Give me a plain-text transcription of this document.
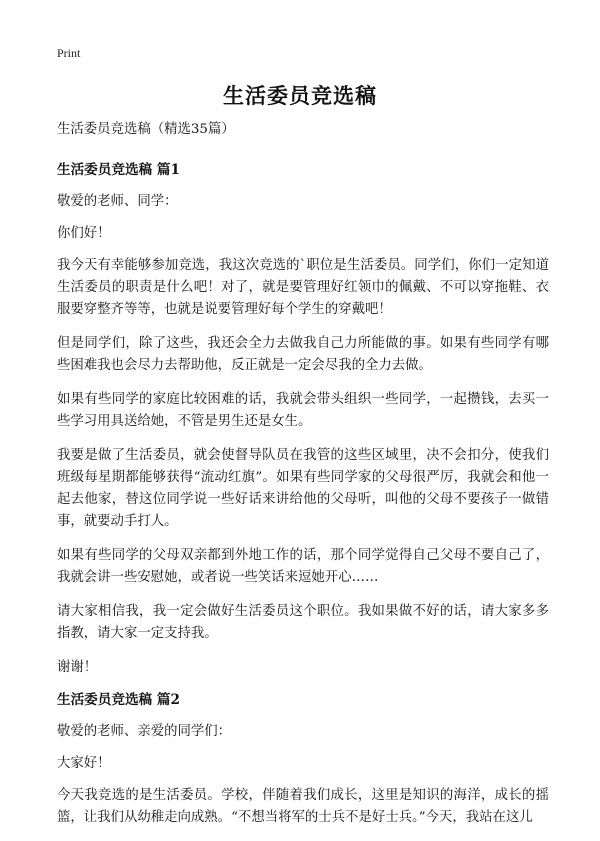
Print
生活委员竞选稿

生活委员竞选稿（精选35篇）

生活委员竞选稿 篇1

敬爱的老师、同学：

你们好！

我今天有幸能够参加竞选，我这次竞选的`职位是生活委员。同学们，你们一定知道生活委员的职责是什么吧！对了，就是要管理好红领巾的佩戴、不可以穿拖鞋、衣服要穿整齐等等，也就是说要管理好每个学生的穿戴吧！

但是同学们，除了这些，我还会全力去做我自己力所能做的事。如果有些同学有哪些困难我也会尽力去帮助他，反正就是一定会尽我的全力去做。

如果有些同学的家庭比较困难的话，我就会带头组织一些同学，一起攒钱，去买一些学习用具送给她，不管是男生还是女生。

我要是做了生活委员，就会使督导队员在我管的这些区域里，决不会扣分，使我们班级每星期都能够获得“流动红旗”。如果有些同学家的父母很严厉，我就会和他一起去他家，替这位同学说一些好话来讲给他的父母听，叫他的父母不要孩子一做错事，就要动手打人。

如果有些同学的父母双亲都到外地工作的话，那个同学觉得自己父母不要自己了，我就会讲一些安慰她，或者说一些笑话来逗她开心……

请大家相信我，我一定会做好生活委员这个职位。我如果做不好的话，请大家多多指教，请大家一定支持我。

谢谢！

生活委员竞选稿 篇2

敬爱的老师、亲爱的同学们：

大家好！

今天我竞选的是生活委员。学校，伴随着我们成长，这里是知识的海洋，成长的摇篮，让我们从幼稚走向成熟。“不想当将军的士兵不是好士兵。”今天，我站在这儿
